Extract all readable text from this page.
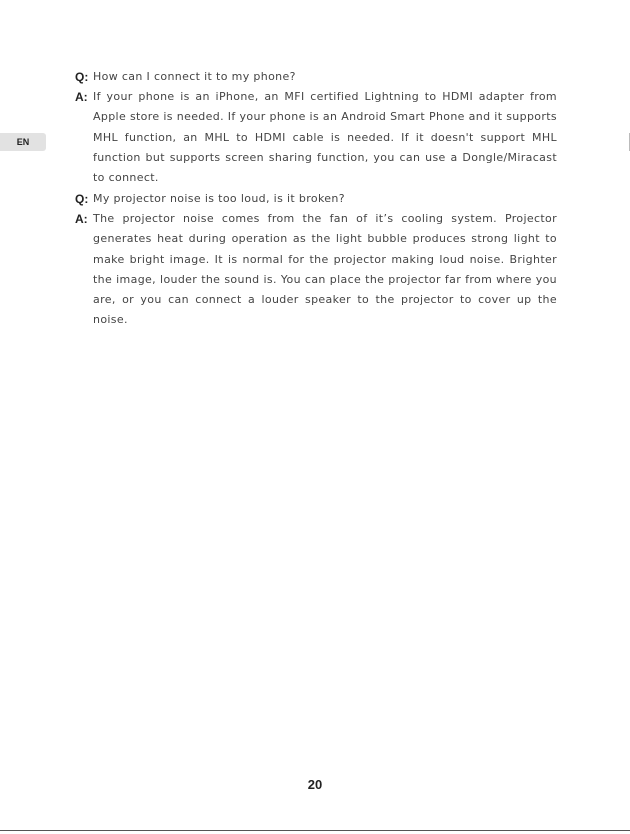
EN
Q: How can I connect it to my phone?
A: If your phone is an iPhone, an MFI certified Lightning to HDMI adapter from Apple store is needed. If your phone is an Android Smart Phone and it supports MHL function, an MHL to HDMI cable is needed. If it doesn't support MHL function but supports screen sharing function, you can use a Dongle/Miracast to connect.
Q: My projector noise is too loud, is it broken?
A: The projector noise comes from the fan of it’s cooling system. Projector generates heat during operation as the light bubble produces strong light to make bright image. It is normal for the projector making loud noise. Brighter the image, louder the sound is. You can place the projector far from where you are, or you can connect a louder speaker to the projector to cover up the noise.
20
